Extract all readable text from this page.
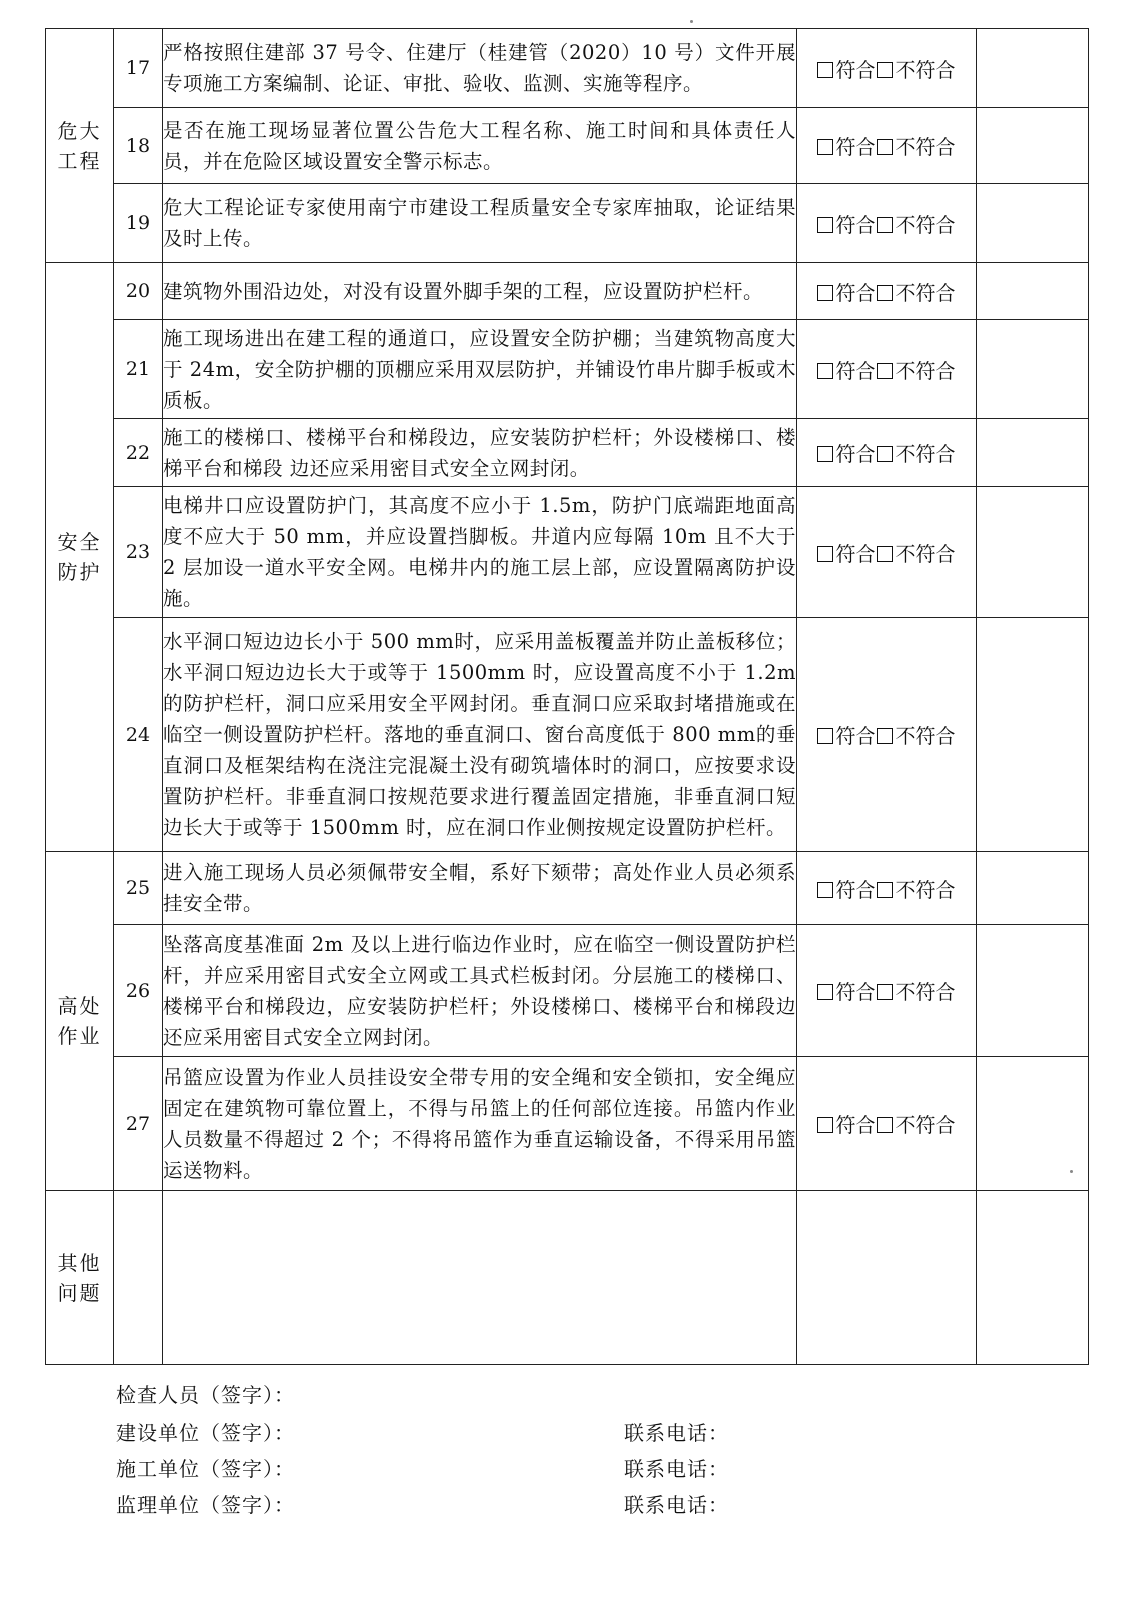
危大工程	17	严格按照住建部 37 号令、住建厅（桂建管（2020）10 号）文件开展专项施工方案编制、论证、审批、验收、监测、实施等程序。	符合 不符合	
	18	是否在施工现场显著位置公告危大工程名称、施工时间和具体责任人员，并在危险区域设置安全警示标志。	符合 不符合	
	19	危大工程论证专家使用南宁市建设工程质量安全专家库抽取，论证结果及时上传。	符合 不符合	
安全防护	20	建筑物外围沿边处，对没有设置外脚手架的工程，应设置防护栏杆。	符合 不符合	
	21	施工现场进出在建工程的通道口，应设置安全防护棚；当建筑物高度大于 24m，安全防护棚的顶棚应采用双层防护，并铺设竹串片脚手板或木质板。	符合 不符合	
	22	施工的楼梯口、楼梯平台和梯段边，应安装防护栏杆；外设楼梯口、楼梯平台和梯段 边还应采用密目式安全立网封闭。	符合 不符合	
	23	电梯井口应设置防护门，其高度不应小于 1.5m，防护门底端距地面高度不应大于 50 mm，并应设置挡脚板。井道内应每隔 10m 且不大于 2 层加设一道水平安全网。电梯井内的施工层上部，应设置隔离防护设施。	符合 不符合	
	24	水平洞口短边边长小于 500 mm时，应采用盖板覆盖并防止盖板移位；水平洞口短边边长大于或等于 1500mm 时，应设置高度不小于 1.2m 的防护栏杆，洞口应采用安全平网封闭。垂直洞口应采取封堵措施或在临空一侧设置防护栏杆。落地的垂直洞口、窗台高度低于 800 mm的垂直洞口及框架结构在浇注完混凝土没有砌筑墙体时的洞口，应按要求设置防护栏杆。非垂直洞口按规范要求进行覆盖固定措施，非垂直洞口短边长大于或等于 1500mm 时，应在洞口作业侧按规定设置防护栏杆。	符合 不符合	
高处作业	25	进入施工现场人员必须佩带安全帽，系好下颏带；高处作业人员必须系挂安全带。	符合 不符合	
	26	坠落高度基准面 2m 及以上进行临边作业时，应在临空一侧设置防护栏杆，并应采用密目式安全立网或工具式栏板封闭。分层施工的楼梯口、楼梯平台和梯段边，应安装防护栏杆；外设楼梯口、楼梯平台和梯段边还应采用密目式安全立网封闭。	符合 不符合	
	27	吊篮应设置为作业人员挂设安全带专用的安全绳和安全锁扣，安全绳应固定在建筑物可靠位置上，不得与吊篮上的任何部位连接。吊篮内作业人员数量不得超过 2 个；不得将吊篮作为垂直运输设备，不得采用吊篮运送物料。	符合 不符合	
其他问题				
检查人员（签字）：
建设单位（签字）：	联系电话：
施工单位（签字）：	联系电话：
监理单位（签字）：	联系电话：
